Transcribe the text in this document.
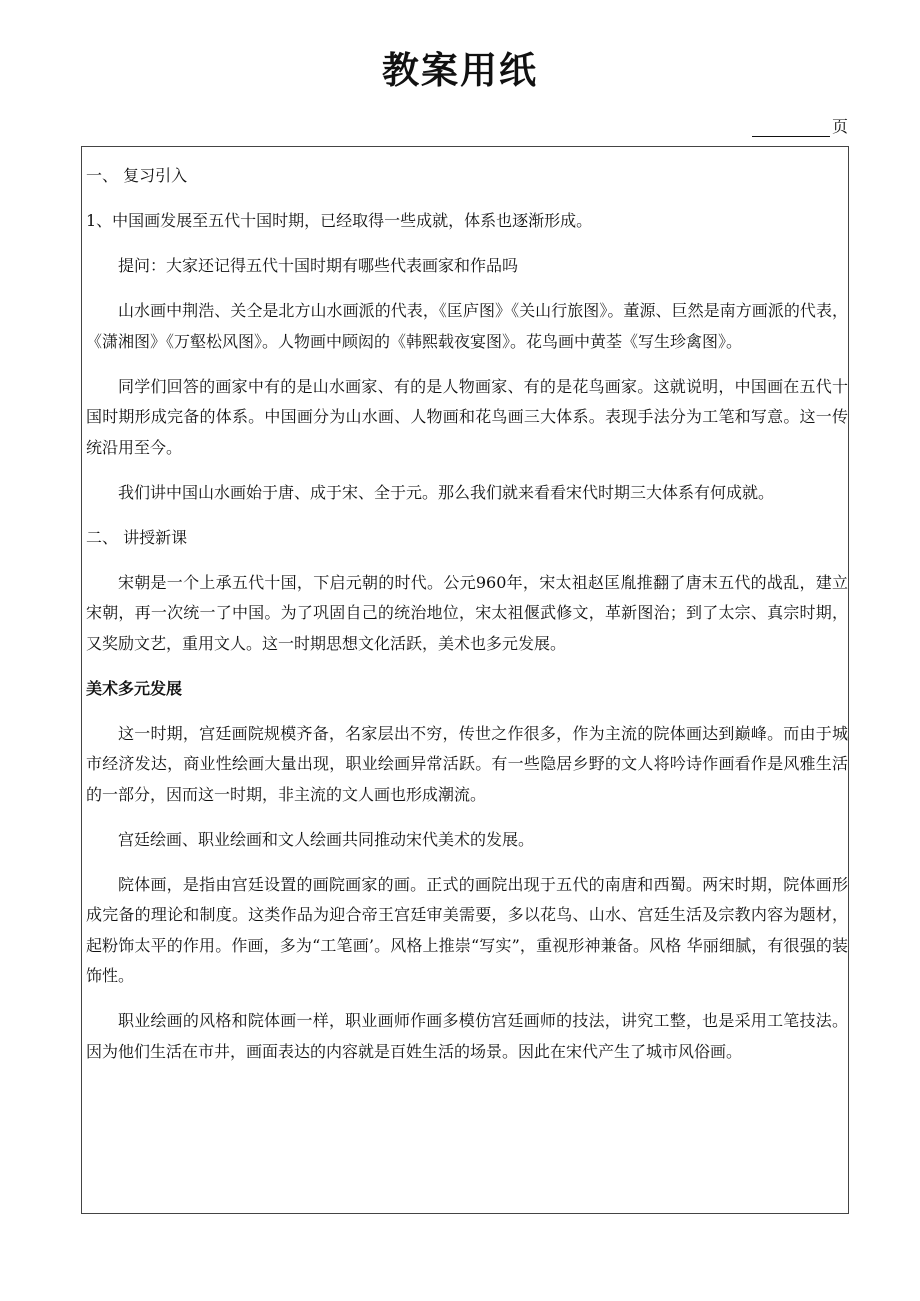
教案用纸
页

一、 复习引入

1、中国画发展至五代十国时期，已经取得一些成就，体系也逐渐形成。

提问：大家还记得五代十国时期有哪些代表画家和作品吗

山水画中荆浩、关仝是北方山水画派的代表，《匡庐图》《关山行旅图》。董源、巨然是南方画派的代表，《潇湘图》《万壑松风图》。人物画中顾闳的《韩熙载夜宴图》。花鸟画中黄荃《写生珍禽图》。

同学们回答的画家中有的是山水画家、有的是人物画家、有的是花鸟画家。这就说明，中国画在五代十国时期形成完备的体系。中国画分为山水画、人物画和花鸟画三大体系。表现手法分为工笔和写意。这一传统沿用至今。

我们讲中国山水画始于唐、成于宋、全于元。那么我们就来看看宋代时期三大体系有何成就。

二、 讲授新课

宋朝是一个上承五代十国，下启元朝的时代。公元960年，宋太祖赵匡胤推翻了唐末五代的战乱，建立宋朝，再一次统一了中国。为了巩固自己的统治地位，宋太祖偃武修文，革新图治；到了太宗、真宗时期，又奖励文艺，重用文人。这一时期思想文化活跃，美术也多元发展。

美术多元发展

这一时期，宫廷画院规模齐备，名家层出不穷，传世之作很多，作为主流的院体画达到巅峰。而由于城市经济发达，商业性绘画大量出现，职业绘画异常活跃。有一些隐居乡野的文人将吟诗作画看作是风雅生活的一部分，因而这一时期，非主流的文人画也形成潮流。

宫廷绘画、职业绘画和文人绘画共同推动宋代美术的发展。

院体画，是指由宫廷设置的画院画家的画。正式的画院出现于五代的南唐和西蜀。两宋时期，院体画形成完备的理论和制度。这类作品为迎合帝王宫廷审美需要，多以花鸟、山水、宫廷生活及宗教内容为题材，起粉饰太平的作用。作画，多为“工笔画’。风格上推崇“写实”，重视形神兼备。风格 华丽细腻，有很强的装饰性。

职业绘画的风格和院体画一样，职业画师作画多模仿宫廷画师的技法，讲究工整，也是采用工笔技法。因为他们生活在市井，画面表达的内容就是百姓生活的场景。因此在宋代产生了城市风俗画。
